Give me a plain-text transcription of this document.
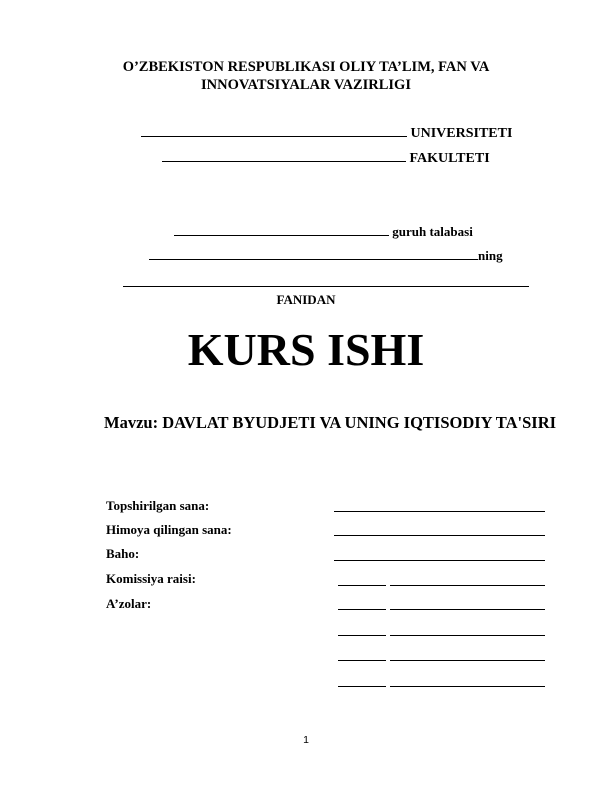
O’ZBEKISTON RESPUBLIKASI OLIY TA’LIM, FAN VA
INNOVATSIYALAR VAZIRLIGI
UNIVERSITETI
FAKULTETI
guruh talabasi
ning
FANIDAN
KURS ISHI
Mavzu: DAVLAT BYUDJETI VA UNING IQTISODIY TA'SIRI
Topshirilgan sana:
Himoya qilingan sana:
Baho:
Komissiya raisi:
A’zolar:
1
